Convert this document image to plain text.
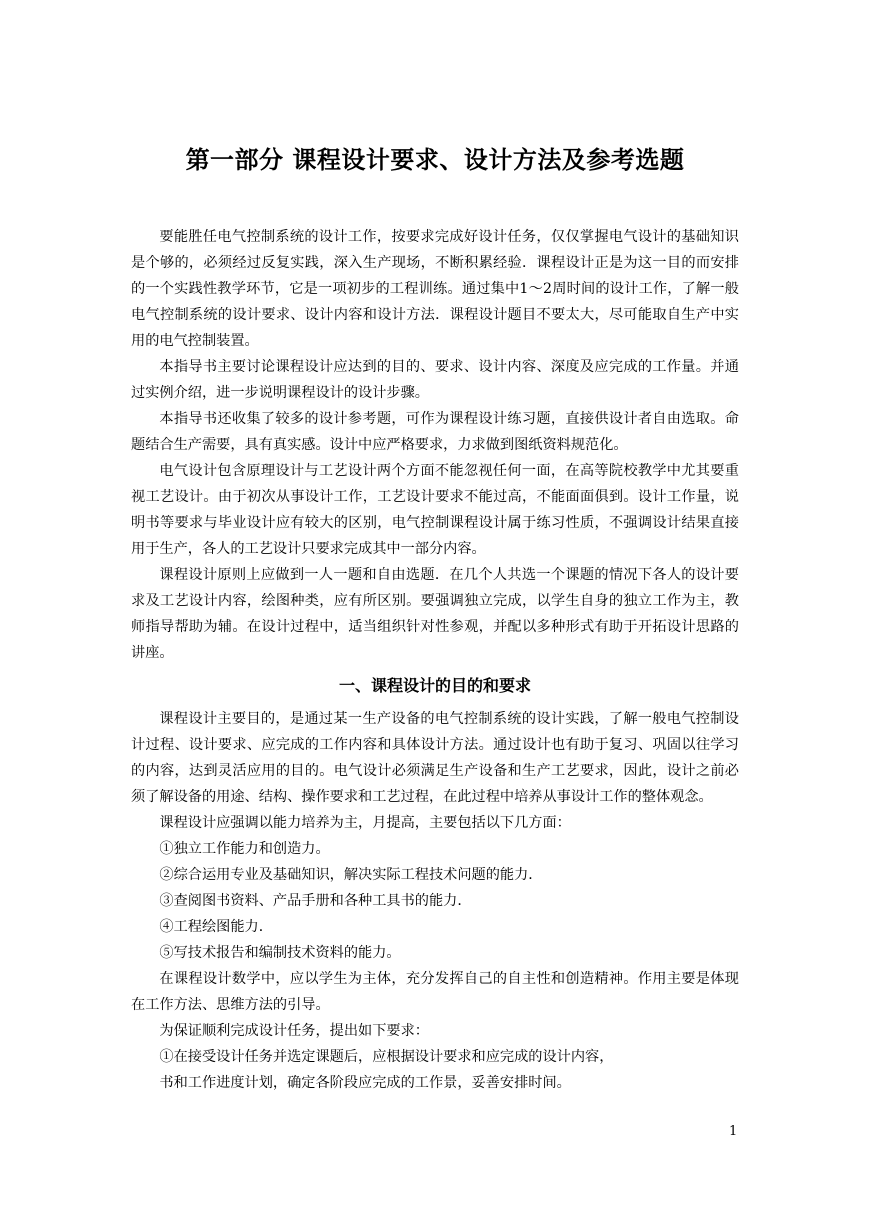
第一部分 课程设计要求、设计方法及参考选题

要能胜任电气控制系统的设计工作，按要求完成好设计任务，仅仅掌握电气设计的基础知识是个够的，必须经过反复实践，深入生产现场，不断积累经验．课程设计正是为这一目的而安排的一个实践性教学环节，它是一项初步的工程训练。通过集中1～2周时间的设计工作，了解一般电气控制系统的设计要求、设计内容和设计方法．课程设计题目不要太大，尽可能取自生产中实用的电气控制装置。

本指导书主要讨论课程设计应达到的目的、要求、设计内容、深度及应完成的工作量。并通过实例介绍，进一步说明课程设计的设计步骤。

本指导书还收集了较多的设计参考题，可作为课程设计练习题，直接供设计者自由选取。命题结合生产需要，具有真实感。设计中应严格要求，力求做到图纸资料规范化。

电气设计包含原理设计与工艺设计两个方面不能忽视任何一面，在高等院校教学中尤其要重视工艺设计。由于初次从事设计工作，工艺设计要求不能过高，不能面面俱到。设计工作量，说明书等要求与毕业设计应有较大的区别，电气控制课程设计属于练习性质，不强调设计结果直接用于生产，各人的工艺设计只要求完成其中一部分内容。

课程设计原则上应做到一人一题和自由选题．在几个人共选一个课题的情况下各人的设计要求及工艺设计内容，绘图种类，应有所区别。要强调独立完成，以学生自身的独立工作为主，教师指导帮助为辅。在设计过程中，适当组织针对性参观，并配以多种形式有助于开拓设计思路的讲座。

一、课程设计的目的和要求

课程设计主要目的，是通过某一生产设备的电气控制系统的设计实践，了解一般电气控制设计过程、设计要求、应完成的工作内容和具体设计方法。通过设计也有助于复习、巩固以往学习的内容，达到灵活应用的目的。电气设计必须满足生产设备和生产工艺要求，因此，设计之前必须了解设备的用途、结构、操作要求和工艺过程，在此过程中培养从事设计工作的整体观念。

课程设计应强调以能力培养为主，月提高，主要包括以下几方面：

①独立工作能力和创造力。

②综合运用专业及基础知识，解决实际工程技术问题的能力．

③查阅图书资料、产品手册和各种工具书的能力．

④工程绘图能力．

⑤写技术报告和编制技术资料的能力。

在课程设计数学中，应以学生为主体，充分发挥自己的自主性和创造精神。作用主要是体现在工作方法、思维方法的引导。

为保证顺利完成设计任务，提出如下要求：

①在接受设计任务并选定课题后，应根据设计要求和应完成的设计内容，

书和工作进度计划，确定各阶段应完成的工作景，妥善安排时间。

1
